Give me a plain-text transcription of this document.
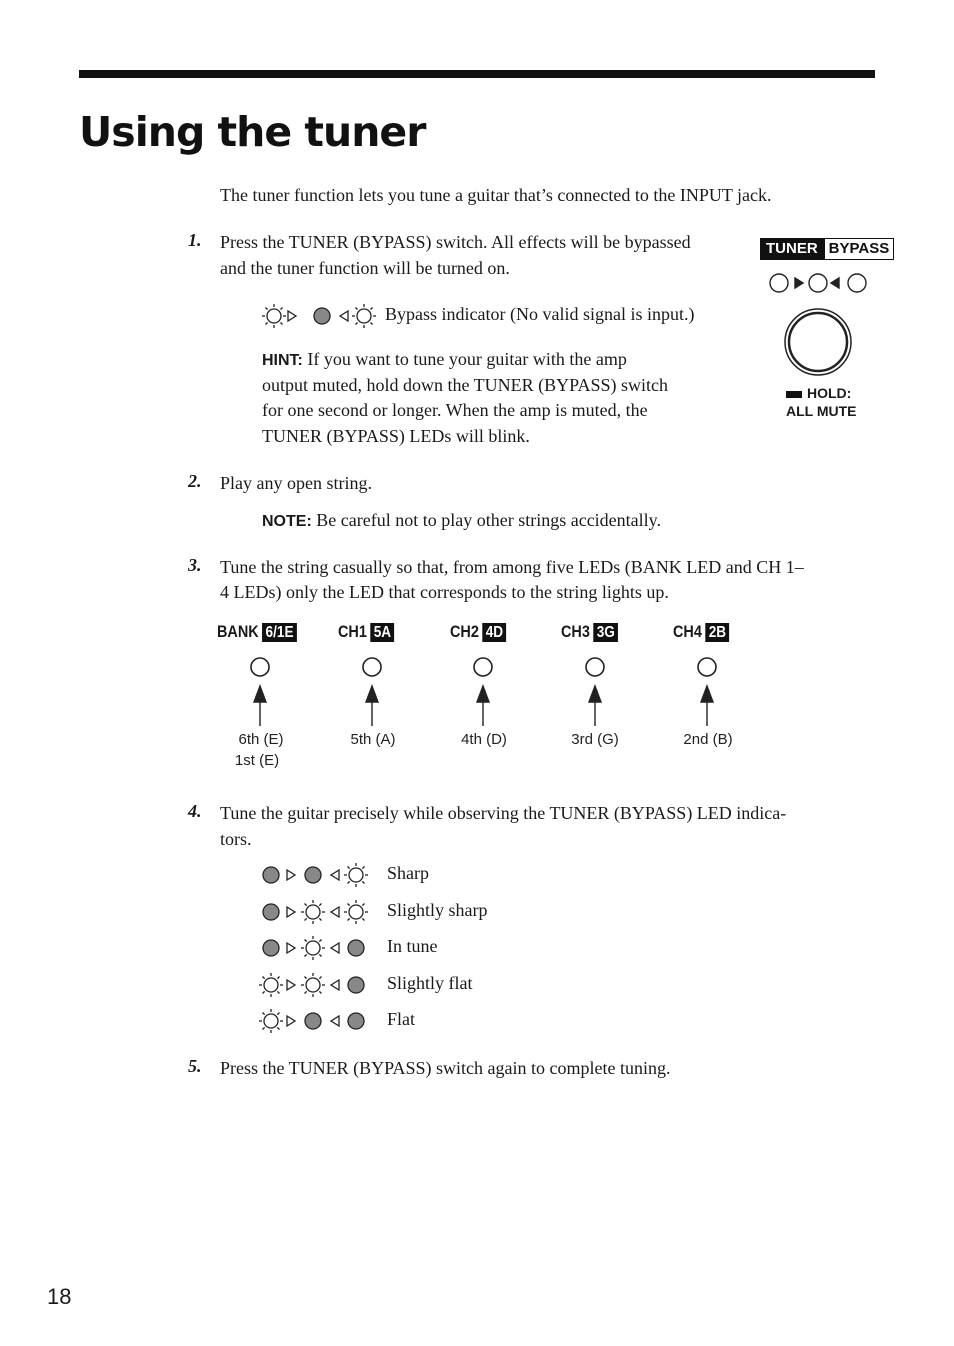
Using the tuner

The tuner function lets you tune a guitar that’s connected to the INPUT jack.

1. Press the TUNER (BYPASS) switch. All effects will be bypassed

and the tuner function will be turned on.

Bypass indicator (No valid signal is input.)

HINT: If you want to tune your guitar with the amp

output muted, hold down the TUNER (BYPASS) switch

for one second or longer. When the amp is muted, the

TUNER (BYPASS) LEDs will blink.

TUNER BYPASS
HOLD:
ALL MUTE
2. Play any open string.

NOTE: Be careful not to play other strings accidentally.

3. Tune the string casually so that, from among five LEDs (BANK LED and CH 1–

4 LEDs) only the LED that corresponds to the string lights up.

BANK 6/1E	CH1 5A	CH2 4D	CH3 3G	CH4 2B
6th (E)
1st (E)
5th (A)	4th (D)	3rd (G)	2nd (B)
4. Tune the guitar precisely while observing the TUNER (BYPASS) LED indica-

tors.

Sharp
Slightly sharp
In tune
Slightly flat
Flat
5. Press the TUNER (BYPASS) switch again to complete tuning.

18
